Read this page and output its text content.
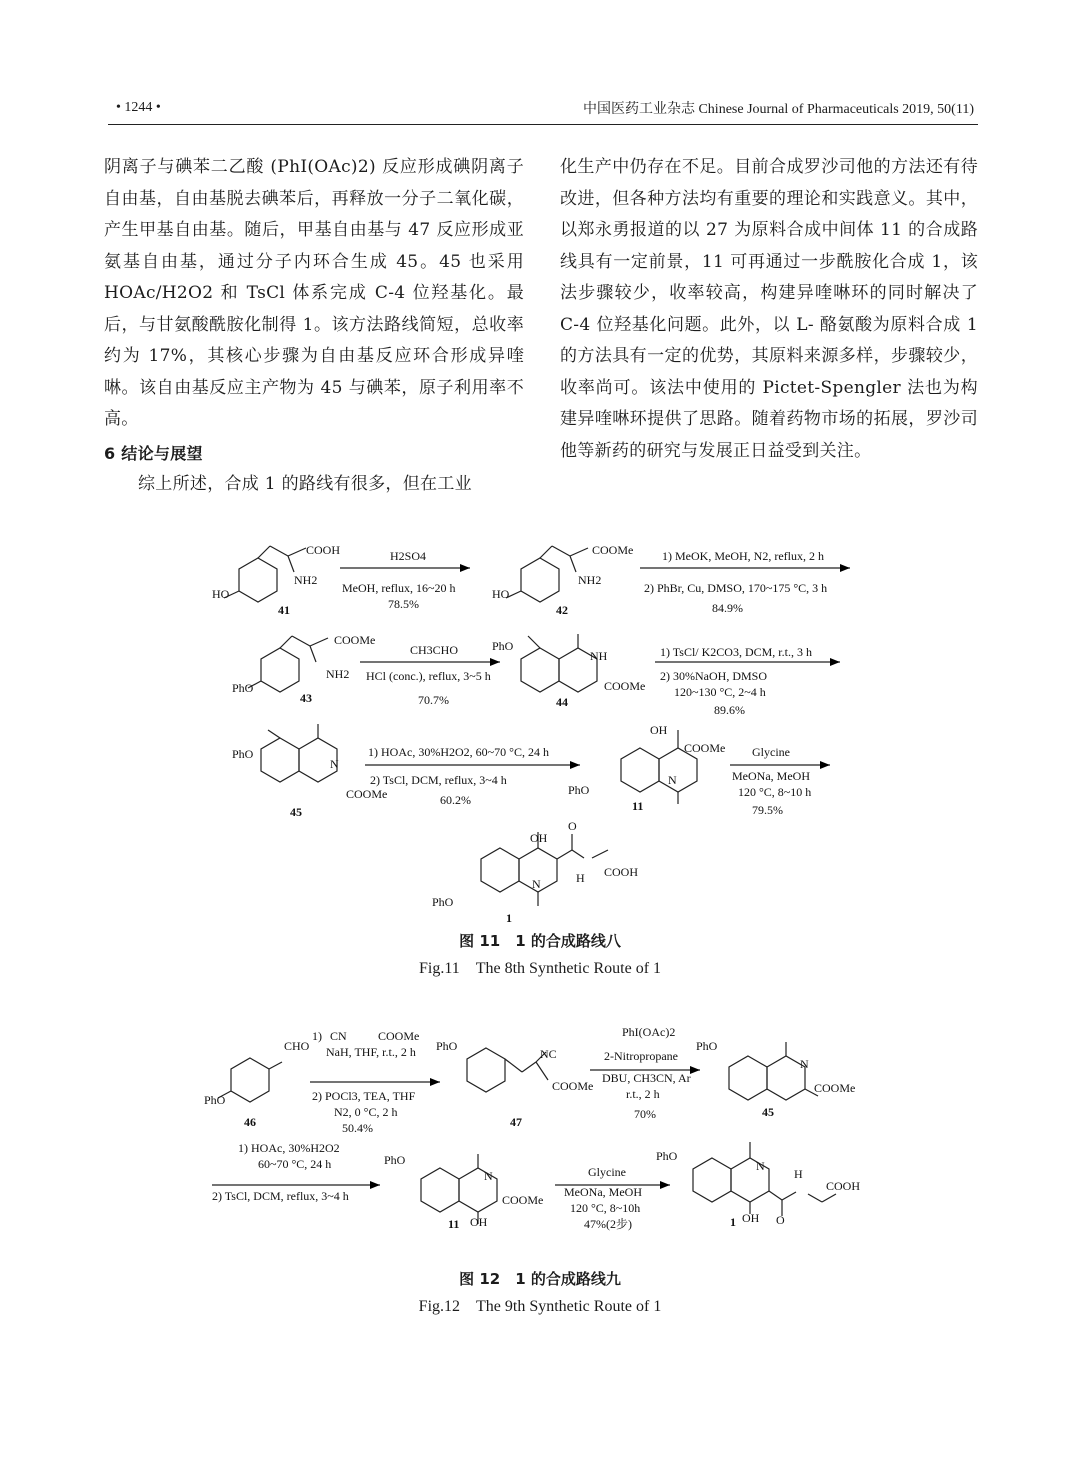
• 1244 •	中国医药工业杂志 Chinese Journal of Pharmaceuticals 2019, 50(11)

阴离子与碘苯二乙酸 (PhI(OAc)2) 反应形成碘阴离子自由基，自由基脱去碘苯后，再释放一分子二氧化碳，产生甲基自由基。随后，甲基自由基与 47 反应形成亚氨基自由基，通过分子内环合生成 45。45 也采用 HOAc/H2O2 和 TsCl 体系完成 C-4 位羟基化。最后，与甘氨酸酰胺化制得 1。该方法路线简短，总收率约为 17%，其核心步骤为自由基反应环合形成异喹啉。该自由基反应主产物为 45 与碘苯，原子利用率不高。

6 结论与展望

综上所述，合成 1 的路线有很多，但在工业

化生产中仍存在不足。目前合成罗沙司他的方法还有待改进，但各种方法均有重要的理论和实践意义。其中，以郑永勇报道的以 27 为原料合成中间体 11 的合成路线具有一定前景，11 可再通过一步酰胺化合成 1，该法步骤较少，收率较高，构建异喹啉环的同时解决了 C-4 位羟基化问题。此外，以 L- 酪氨酸为原料合成 1 的方法具有一定的优势，其原料来源多样，步骤较少，收率尚可。该法中使用的 Pictet-Spengler 法也为构建异喹啉环提供了思路。随着药物市场的拓展，罗沙司他等新药的研究与发展正日益受到关注。

HO
COOH
NH2
41
H2SO4
MeOH, reflux, 16~20 h
78.5%
HO
COOMe
NH2
42
1) MeOK, MeOH, N2, reflux, 2 h
2) PhBr, Cu, DMSO, 170~175 °C, 3 h
84.9%
PhO
COOMe
NH2
43
CH3CHO
HCl (conc.), reflux, 3~5 h
70.7%
PhO
NH
COOMe
44
1) TsCl/ K2CO3, DCM, r.t., 3 h
2) 30%NaOH, DMSO
120~130 °C, 2~4 h
89.6%
PhO
N
COOMe
45
1) HOAc, 30%H2O2, 60~70 °C, 24 h
2) TsCl, DCM, reflux, 3~4 h
60.2%
OH
COOMe
N
PhO
11
Glycine
MeONa, MeOH
120 °C, 8~10 h
79.5%
OH
O
N	H COOH
PhO
1
图 11　1 的合成路线八
Fig.11　The 8th Synthetic Route of 1
CHO
PhO
46
1) CN	COOMe
NaH, THF, r.t., 2 h
2) POCl3, TEA, THF
N2, 0 °C, 2 h
50.4%
PhO
NC
COOMe
47
PhI(OAc)2
2-Nitropropane
DBU, CH3CN, Ar
r.t., 2 h
70%
PhO
N
COOMe
45
1) HOAc, 30%H2O2
60~70 °C, 24 h
2) TsCl, DCM, reflux, 3~4 h
PhO
N
COOMe
OH
11
Glycine
MeONa, MeOH
120 °C, 8~10h
47%(2步)
PhO
N
H
COOH
O
OH
1
图 12　1 的合成路线九
Fig.12　The 9th Synthetic Route of 1
